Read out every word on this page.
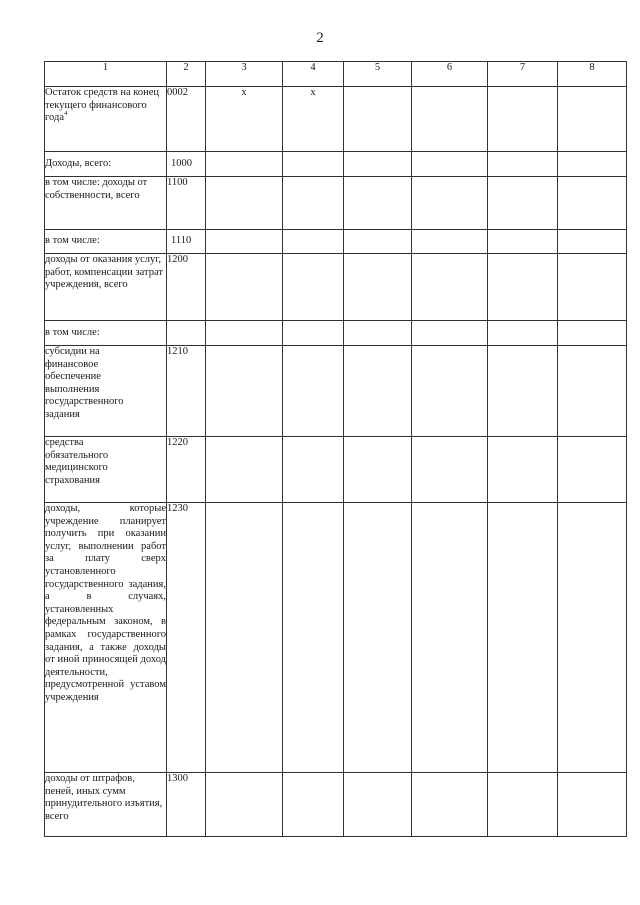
2
1	2	3	4	5	6	7	8
Остаток средств на конец текущего финансового года$^4$	0002	x	x				
Доходы, всего:	1000						
в том числе: доходы от собственности, всего	1100						
в том числе:	1110						
доходы от оказания услуг, работ, компенсации затрат учреждения, всего	1200						
в том числе:							
субсидии на финансовое обеспечение выполнения государственного задания	1210						
средства обязательного медицинского страхования	1220						
доходы, которые учреждение планирует получить при оказании услуг, выполнении работ за плату сверх установленного государственного задания, а в случаях, установленных федеральным законом, в рамках государственного задания, а также доходы от иной приносящей доход деятельности, предусмотренной уставом учреждения	1230						
доходы от штрафов, пеней, иных сумм принудительного изъятия, всего	1300						
